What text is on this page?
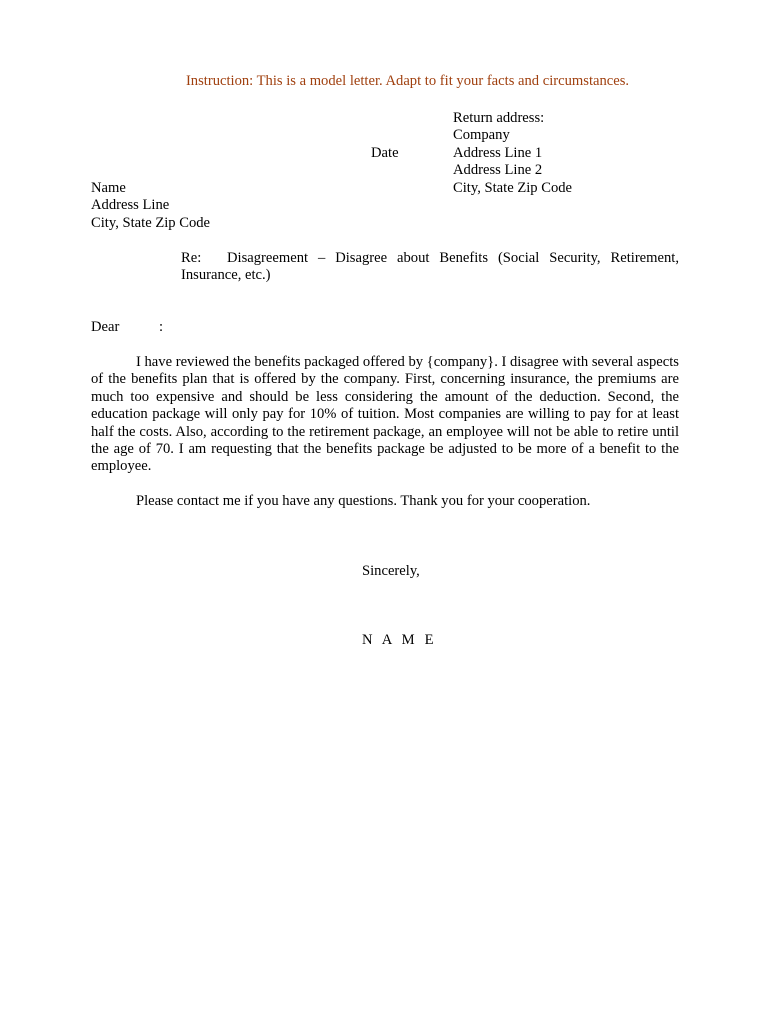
Instruction: This is a model letter. Adapt to fit your facts and circumstances.
Return address:
Company
Address Line 1
Address Line 2
City, State Zip Code
Date
Name
Address Line
City, State Zip Code
Re: Disagreement – Disagree about Benefits (Social Security, Retirement,
Insurance, etc.)
Dear	:
I have reviewed the benefits packaged offered by {company}. I disagree with several aspects of the benefits plan that is offered by the company. First, concerning insurance, the premiums are much too expensive and should be less considering the amount of the deduction. Second, the education package will only pay for 10% of tuition. Most companies are willing to pay for at least half the costs. Also, according to the retirement package, an employee will not be able to retire until the age of 70. I am requesting that the benefits package be adjusted to be more of a benefit to the employee.
Please contact me if you have any questions. Thank you for your cooperation.
Sincerely,
N A M E
